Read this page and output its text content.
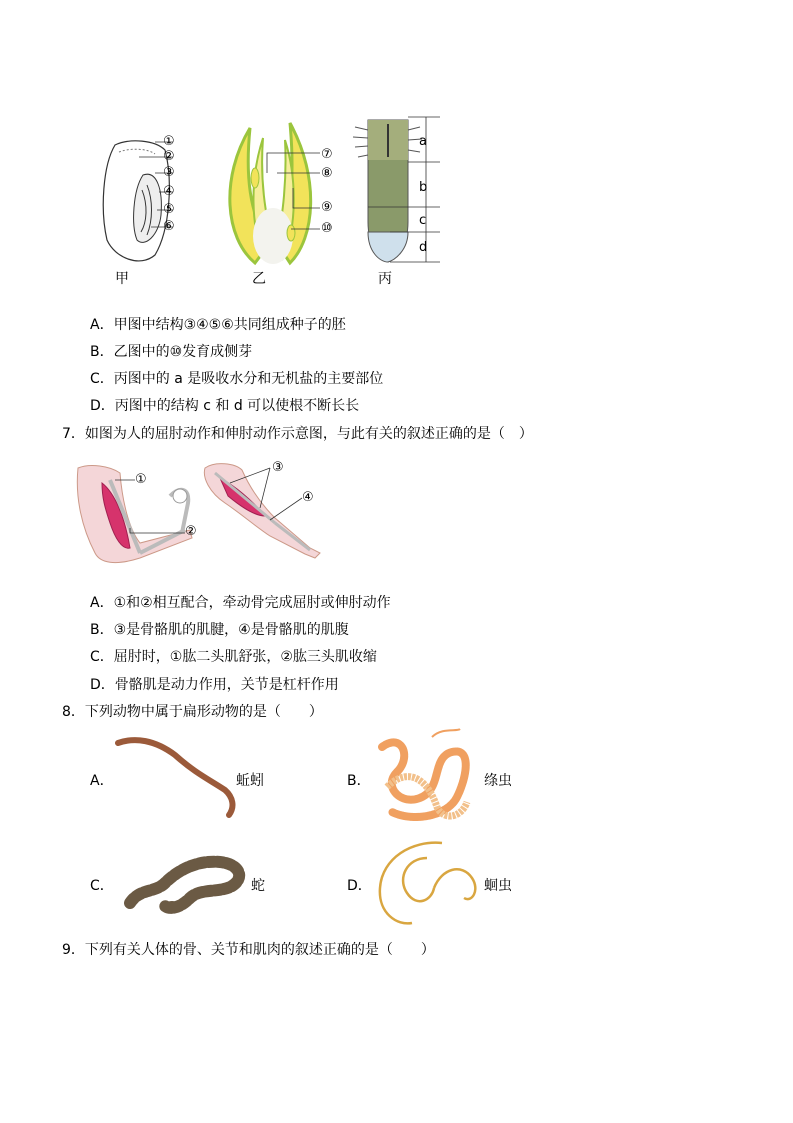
①
②
③
④
⑤
⑥
甲
⑦
⑧
⑨
⑩
乙
a
b
c
d
丙
A．甲图中结构③④⑤⑥共同组成种子的胚
B．乙图中的⑩发育成侧芽
C．丙图中的 a 是吸收水分和无机盐的主要部位
D．丙图中的结构 c 和 d 可以使根不断长长
7．如图为人的屈肘动作和伸肘动作示意图，与此有关的叙述正确的是（　）
①
②
③
④
A．①和②相互配合，牵动骨完成屈肘或伸肘动作
B．③是骨骼肌的肌腱，④是骨骼肌的肌腹
C．屈肘时，①肱二头肌舒张，②肱三头肌收缩
D．骨骼肌是动力作用，关节是杠杆作用
8．下列动物中属于扁形动物的是（　　）
A．	蚯蚓	B．	绦虫
C．	蛇	D．	蛔虫
9．下列有关人体的骨、关节和肌肉的叙述正确的是（　　）
